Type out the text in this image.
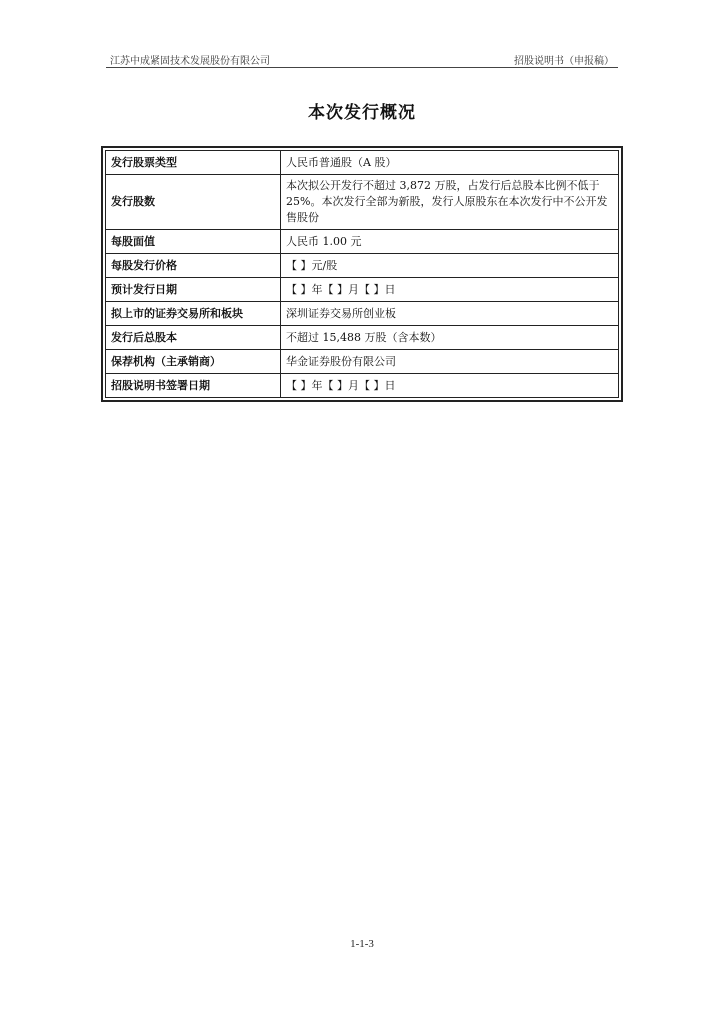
江苏中成紧固技术发展股份有限公司	招股说明书（申报稿）
本次发行概况
发行股票类型	人民币普通股（A 股）
发行股数	本次拟公开发行不超过 3,872 万股，占发行后总股本比例不低于 25%。本次发行全部为新股，发行人原股东在本次发行中不公开发售股份
每股面值	人民币 1.00 元
每股发行价格	【 】元/股
预计发行日期	【 】年【 】月【 】日
拟上市的证券交易所和板块	深圳证券交易所创业板
发行后总股本	不超过 15,488 万股（含本数）
保荐机构（主承销商）	华金证券股份有限公司
招股说明书签署日期	【 】年【 】月【 】日
1-1-3
